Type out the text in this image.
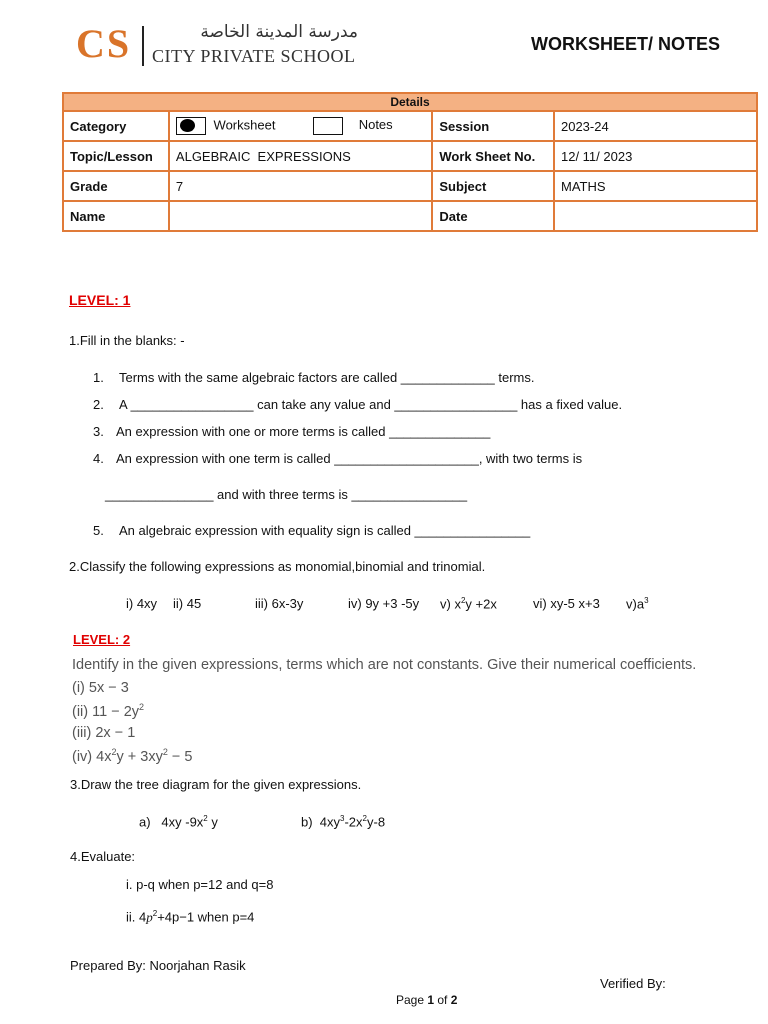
CS	مدرسة المدينة الخاصة
CITY PRIVATE SCHOOL
WORKSHEET/ NOTES
Details			
Category	Worksheet Notes	Session	2023-24
Topic/Lesson	ALGEBRAIC  EXPRESSIONS	Work Sheet No.	12/ 11/ 2023
Grade	7	Subject	MATHS
Name		Date	
LEVEL: 1
1.Fill in the blanks: -
1. Terms with the same algebraic factors are called _____________ terms.
2. A _________________ can take any value and _________________ has a fixed value.
3. An expression with one or more terms is called ______________
4. An expression with one term is called ____________________, with two terms is
_______________ and with three terms is ________________
5. An algebraic expression with equality sign is called ________________
2.Classify the following expressions as monomial,binomial and trinomial.
i) 4xy ii) 45	iii) 6x-3y	iv) 9y +3 -5y v) $x^2y +2x$	vi) xy-5 x+3 $v)a^3$
LEVEL: 2
Identify in the given expressions, terms which are not constants. Give their numerical coefficients.
(i) 5x − 3
(ii) $11 - 2y^2$
(iii) 2x − 1
(iv) $4x^2y + 3xy^2 - 5$
3.Draw the tree diagram for the given expressions.
a)   4xy $-9x^2$ y	b)  $4xy^3-2x^2y-8$
4.Evaluate:
i. p-q when p=12 and q=8
ii. $4p^2+4p-1$ when p=4
Prepared By: Noorjahan Rasik
Verified By:
Page 1 of 2
